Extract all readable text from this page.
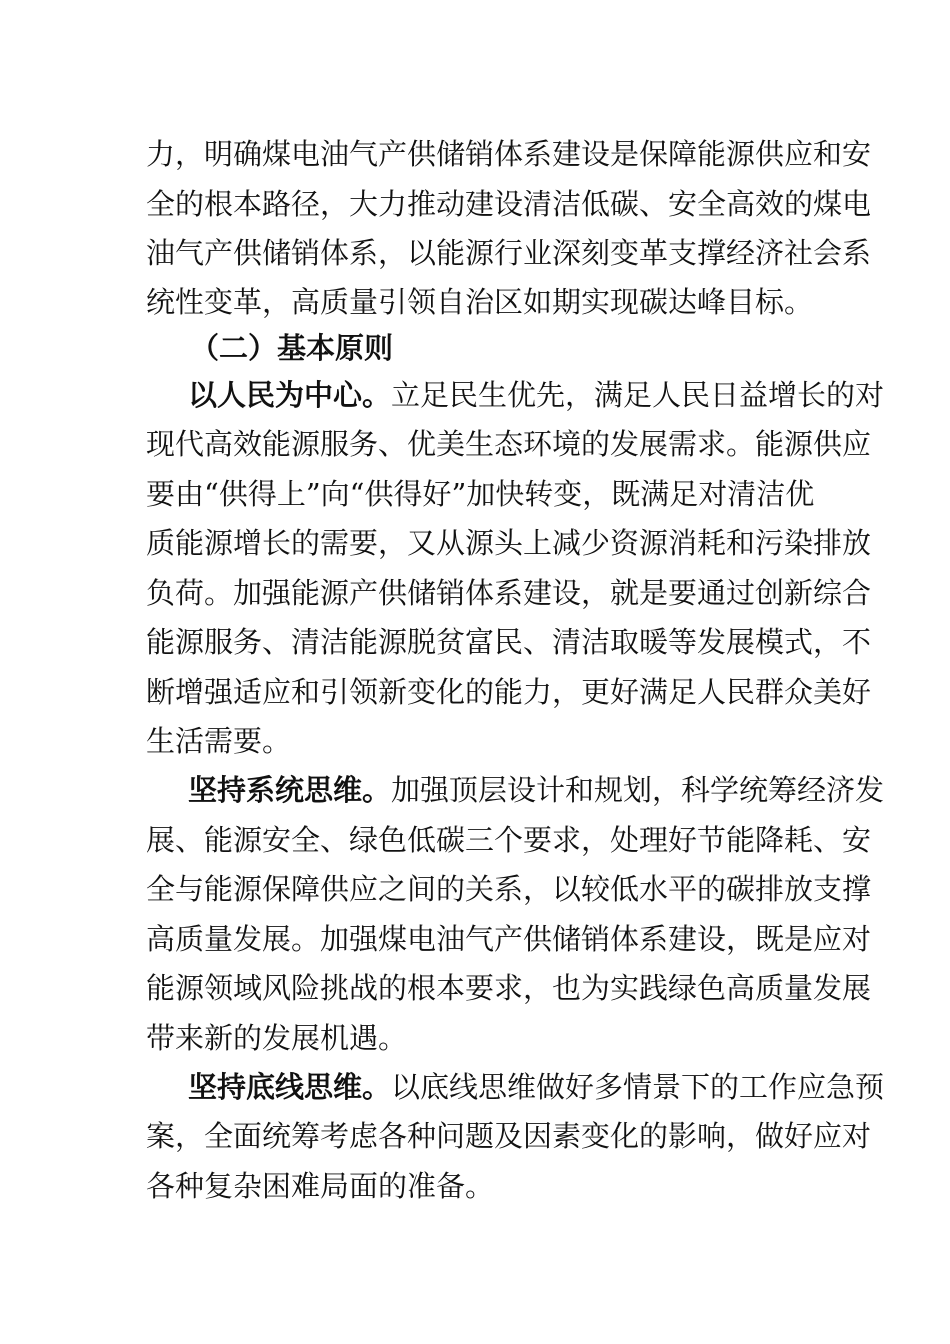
力，明确煤电油气产供储销体系建设是保障能源供应和安
全的根本路径，大力推动建设清洁低碳、安全高效的煤电
油气产供储销体系，以能源行业深刻变革支撑经济社会系
统性变革，高质量引领自治区如期实现碳达峰目标。
（二）基本原则
以人民为中心。立足民生优先，满足人民日益增长的对
现代高效能源服务、优美生态环境的发展需求。能源供应
要由“供得上”向“供得好”加快转变，既满足对清洁优
质能源增长的需要，又从源头上减少资源消耗和污染排放
负荷。加强能源产供储销体系建设，就是要通过创新综合
能源服务、清洁能源脱贫富民、清洁取暖等发展模式，不
断增强适应和引领新变化的能力，更好满足人民群众美好
生活需要。
坚持系统思维。加强顶层设计和规划，科学统筹经济发
展、能源安全、绿色低碳三个要求，处理好节能降耗、安
全与能源保障供应之间的关系，以较低水平的碳排放支撑
高质量发展。加强煤电油气产供储销体系建设，既是应对
能源领域风险挑战的根本要求，也为实践绿色高质量发展
带来新的发展机遇。
坚持底线思维。以底线思维做好多情景下的工作应急预
案，全面统筹考虑各种问题及因素变化的影响，做好应对
各种复杂困难局面的准备。
